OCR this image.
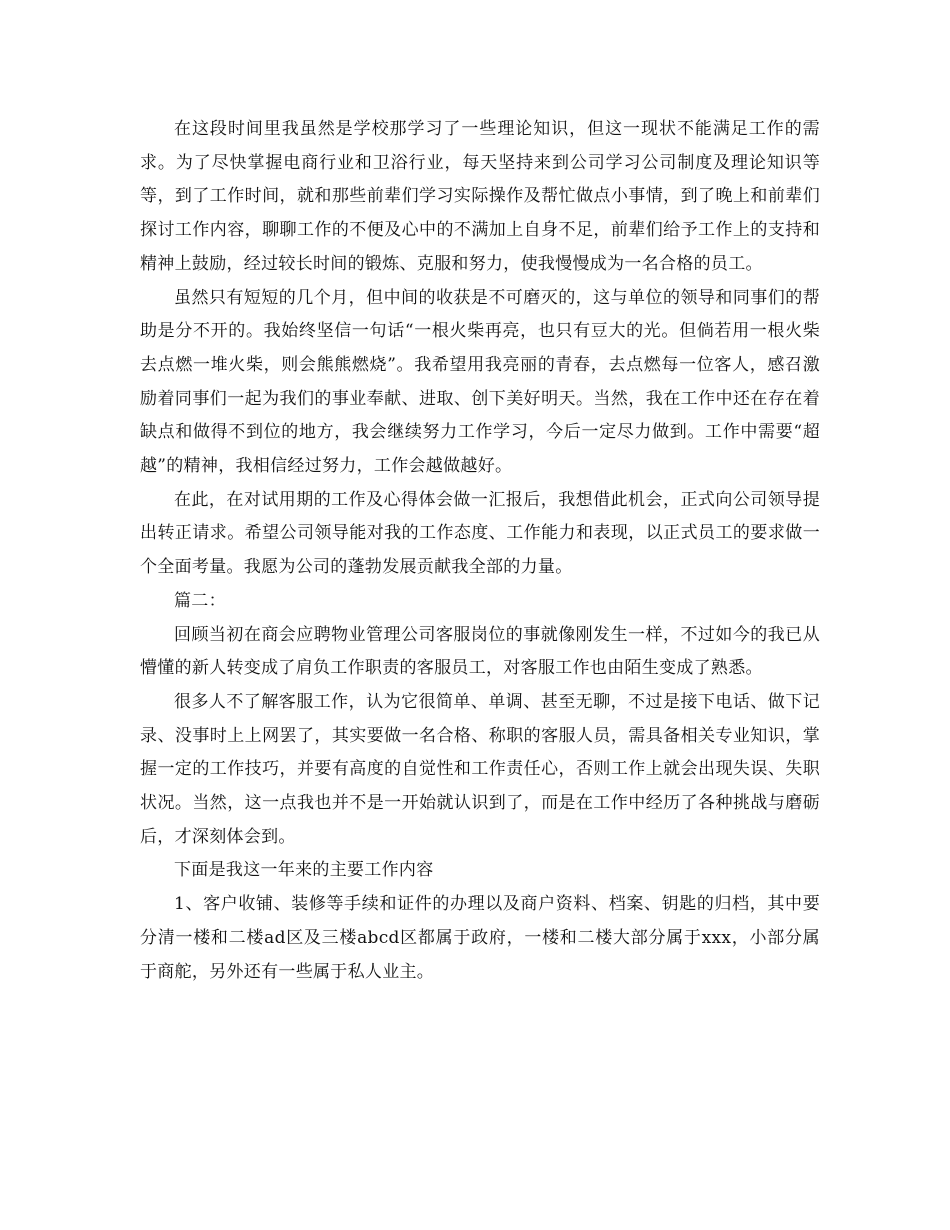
在这段时间里我虽然是学校那学习了一些理论知识，但这一现状不能满足工作的需求。为了尽快掌握电商行业和卫浴行业，每天坚持来到公司学习公司制度及理论知识等等，到了工作时间，就和那些前辈们学习实际操作及帮忙做点小事情，到了晚上和前辈们探讨工作内容，聊聊工作的不便及心中的不满加上自身不足，前辈们给予工作上的支持和精神上鼓励，经过较长时间的锻炼、克服和努力，使我慢慢成为一名合格的员工。

虽然只有短短的几个月，但中间的收获是不可磨灭的，这与单位的领导和同事们的帮助是分不开的。我始终坚信一句话“一根火柴再亮，也只有豆大的光。但倘若用一根火柴去点燃一堆火柴，则会熊熊燃烧”。我希望用我亮丽的青春，去点燃每一位客人，感召激励着同事们一起为我们的事业奉献、进取、创下美好明天。当然，我在工作中还在存在着缺点和做得不到位的地方，我会继续努力工作学习，今后一定尽力做到。工作中需要“超越”的精神，我相信经过努力，工作会越做越好。

在此，在对试用期的工作及心得体会做一汇报后，我想借此机会，正式向公司领导提出转正请求。希望公司领导能对我的工作态度、工作能力和表现，以正式员工的要求做一个全面考量。我愿为公司的蓬勃发展贡献我全部的力量。

篇二：

回顾当初在商会应聘物业管理公司客服岗位的事就像刚发生一样，不过如今的我已从懵懂的新人转变成了肩负工作职责的客服员工，对客服工作也由陌生变成了熟悉。

很多人不了解客服工作，认为它很简单、单调、甚至无聊，不过是接下电话、做下记录、没事时上上网罢了，其实要做一名合格、称职的客服人员，需具备相关专业知识，掌握一定的工作技巧，并要有高度的自觉性和工作责任心，否则工作上就会出现失误、失职状况。当然，这一点我也并不是一开始就认识到了，而是在工作中经历了各种挑战与磨砺后，才深刻体会到。

下面是我这一年来的主要工作内容

1、客户收铺、装修等手续和证件的办理以及商户资料、档案、钥匙的归档，其中要分清一楼和二楼ad区及三楼abcd区都属于政府，一楼和二楼大部分属于xxx，小部分属于商舵，另外还有一些属于私人业主。
